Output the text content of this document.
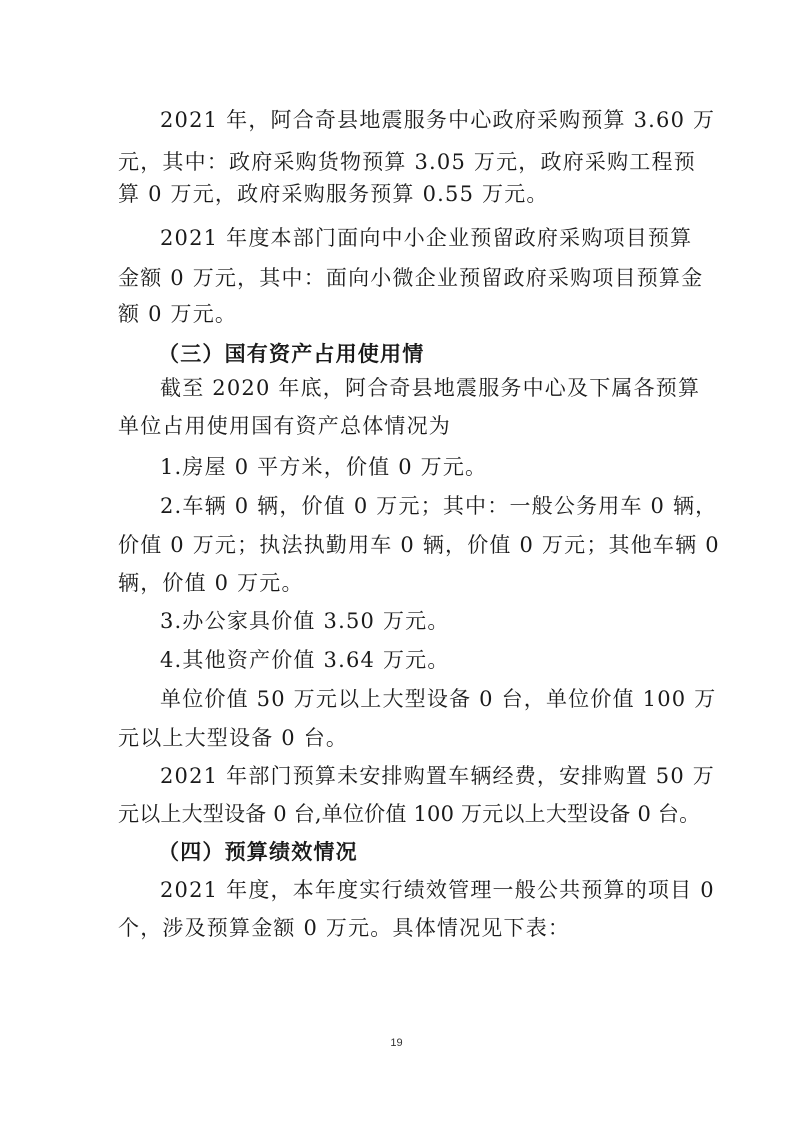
2021 年，阿合奇县地震服务中心政府采购预算 3.60 万
元，其中：政府采购货物预算 3.05 万元，政府采购工程预
算 0 万元，政府采购服务预算 0.55 万元。
2021 年度本部门面向中小企业预留政府采购项目预算
金额 0 万元，其中：面向小微企业预留政府采购项目预算金
额 0 万元。
（三）国有资产占用使用情
截至 2020 年底，阿合奇县地震服务中心及下属各预算
单位占用使用国有资产总体情况为
1.房屋 0 平方米，价值 0 万元。
2.车辆 0 辆，价值 0 万元；其中：一般公务用车 0 辆，
价值 0 万元；执法执勤用车 0 辆，价值 0 万元；其他车辆 0
辆，价值 0 万元。
3.办公家具价值 3.50 万元。
4.其他资产价值 3.64 万元。
单位价值 50 万元以上大型设备 0 台，单位价值 100 万
元以上大型设备 0 台。
2021 年部门预算未安排购置车辆经费，安排购置 50 万
元以上大型设备 0 台,单位价值 100 万元以上大型设备 0 台。
（四）预算绩效情况
2021 年度，本年度实行绩效管理一般公共预算的项目 0
个，涉及预算金额 0 万元。具体情况见下表：
19
